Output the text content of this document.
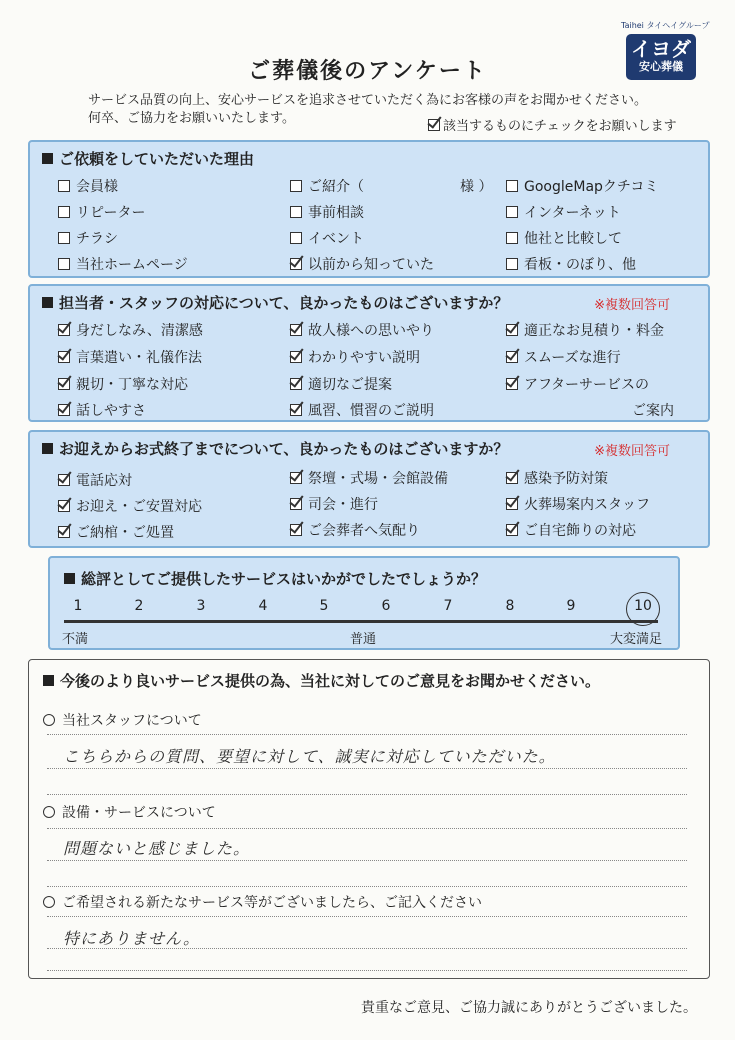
Taihei タイヘイグループ
イヨダ
安心葬儀
ご葬儀後のアンケート
サービス品質の向上、安心サービスを追求させていただく為にお客様の声をお聞かせください。
何卒、ご協力をお願いいたします。
該当するものにチェックをお願いします
ご依頼をしていただいた理由
会員様
リピーター
チラシ
当社ホームページ
ご紹介（	様 ）
事前相談
イベント
以前から知っていた
GoogleMapクチコミ
インターネット
他社と比較して
看板・のぼり、他
担当者・スタッフの対応について、良かったものはございますか？	※複数回答可
身だしなみ、清潔感
言葉遣い・礼儀作法
親切・丁寧な対応
話しやすさ
故人様への思いやり
わかりやすい説明
適切なご提案
風習、慣習のご説明
適正なお見積り・料金
スムーズな進行
アフターサービスの
ご案内
お迎えからお式終了までについて、良かったものはございますか？	※複数回答可
電話応対
お迎え・ご安置対応
ご納棺・ご処置
祭壇・式場・会館設備
司会・進行
ご会葬者へ気配り
感染予防対策
火葬場案内スタッフ
ご自宅飾りの対応
総評としてご提供したサービスはいかがでしたでしょうか？
1	2	3	4	5	6	7	8	9	10
不満	普通	大変満足
今後のより良いサービス提供の為、当社に対してのご意見をお聞かせください。
当社スタッフについて
こちらからの質問、要望に対して、誠実に対応していただいた。
設備・サービスについて
問題ないと感じました。
ご希望される新たなサービス等がございましたら、ご記入ください
特にありません。
貴重なご意見、ご協力誠にありがとうございました。
